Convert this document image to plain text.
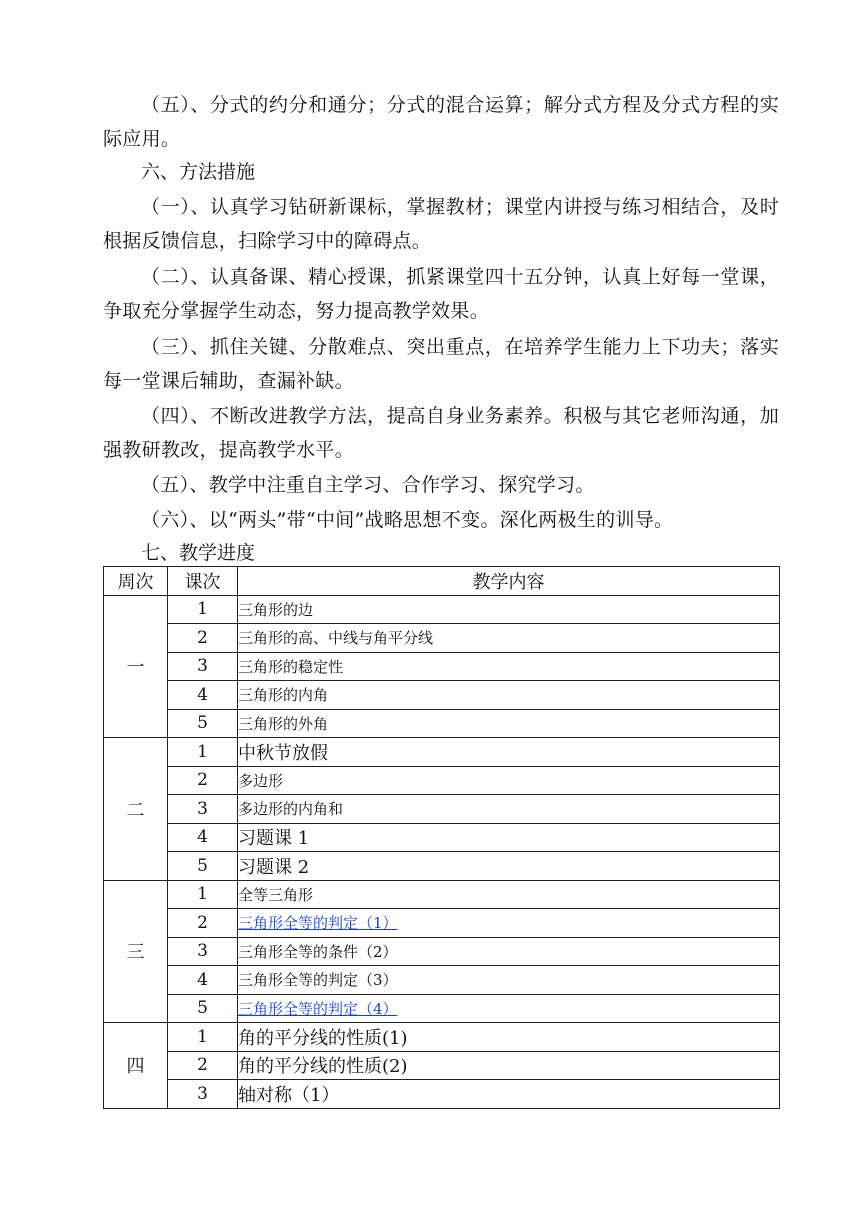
（五）、分式的约分和通分；分式的混合运算；解分式方程及分式方程的实际应用。

六、方法措施

（一）、认真学习钻研新课标，掌握教材；课堂内讲授与练习相结合，及时根据反馈信息，扫除学习中的障碍点。

（二）、认真备课、精心授课，抓紧课堂四十五分钟，认真上好每一堂课，争取充分掌握学生动态，努力提高教学效果。

（三）、抓住关键、分散难点、突出重点，在培养学生能力上下功夫；落实每一堂课后辅助，查漏补缺。

（四）、不断改进教学方法，提高自身业务素养。积极与其它老师沟通，加强教研教改，提高教学水平。

（五）、教学中注重自主学习、合作学习、探究学习。

（六）、以“两头”带“中间”战略思想不变。深化两极生的训导。

七、教学进度

周次	课次	教学内容
一	1	三角形的边
	2	三角形的高、中线与角平分线
	3	三角形的稳定性
	4	三角形的内角
	5	三角形的外角
二	1	中秋节放假
	2	多边形
	3	多边形的内角和
	4	习题课 1
	5	习题课 2
三	1	全等三角形
	2	三角形全等的判定（1）
	3	三角形全等的条件（2）
	4	三角形全等的判定（3）
	5	三角形全等的判定（4）
四	1	角的平分线的性质(1)
	2	角的平分线的性质(2)
	3	轴对称（1）
